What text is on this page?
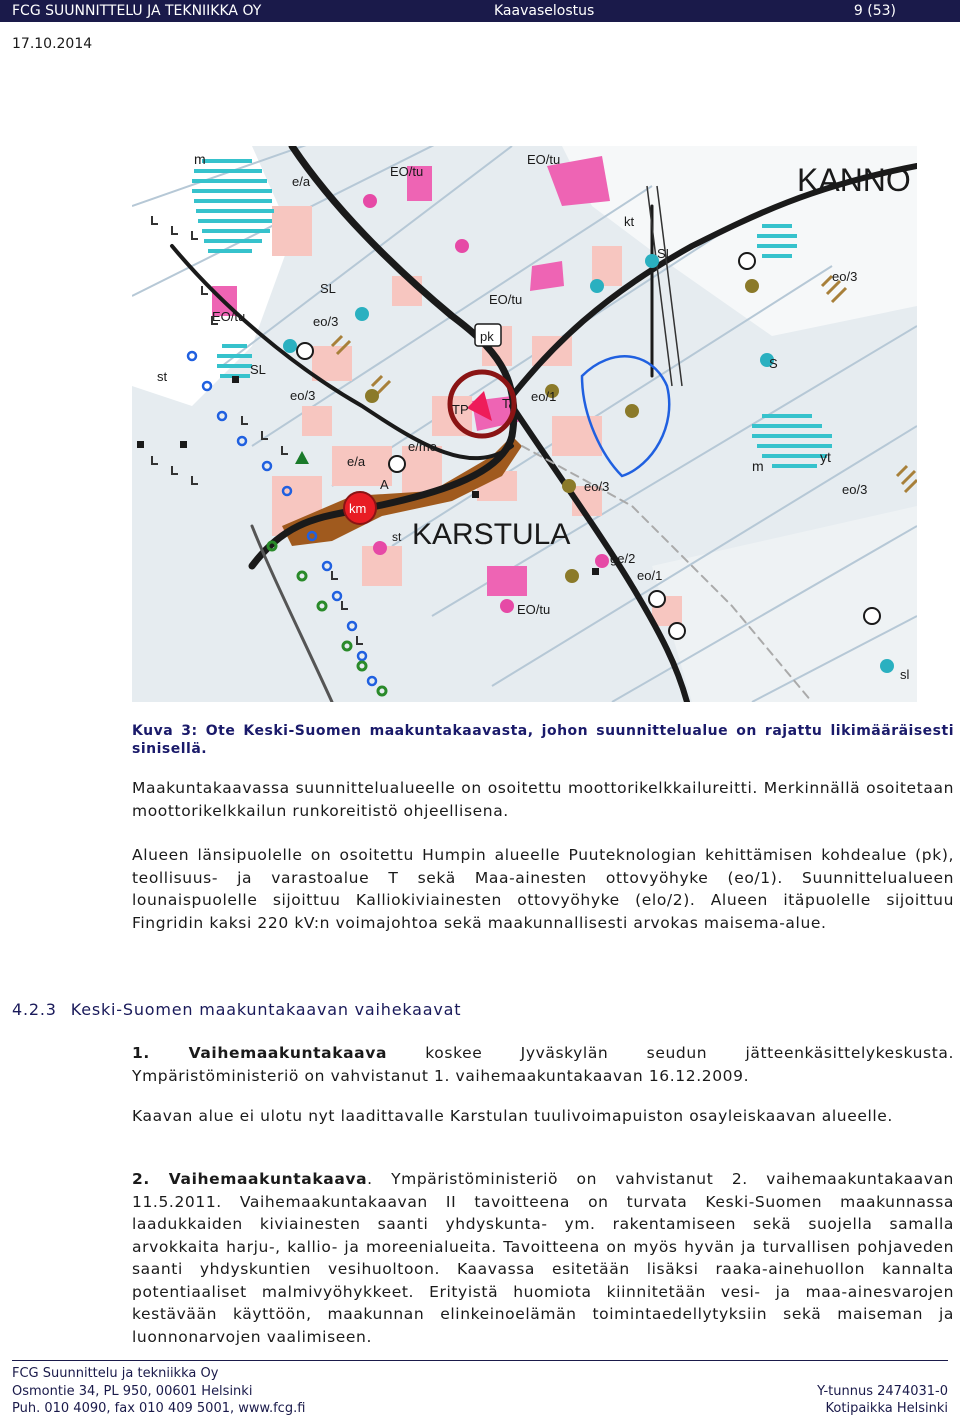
FCG SUUNNITTELU JA TEKNIIKKA OY	Kaavaselostus	9 (53)
17.10.2014
m
e/a
EO/tu
EO/tu
KANNO
kt
SL
SL
EO/tu
eo/3
EO/tu
eo/3
pk
st	SL	S
eo/3
TP	T eo/1
e/mo
e/a	m
yt
eo/3
eo/3
A
km
KARSTULA
st
ge/2
eo/1
EO/tu
sl
Kuva 3: Ote Keski-Suomen maakuntakaavasta, johon suunnittelualue on rajattu likimääräisesti sinisellä.
Maakuntakaavassa suunnittelualueelle on osoitettu moottorikelkkailureitti. Merkinnällä osoitetaan moottorikelkkailun runkoreitistö ohjeellisena.
Alueen länsipuolelle on osoitettu Humpin alueelle Puuteknologian kehittämisen kohdealue (pk), teollisuus- ja varastoalue T sekä Maa-ainesten ottovyöhyke (eo/1). Suunnittelualueen lounaispuolelle sijoittuu Kalliokiviainesten ottovyöhyke (elo/2). Alueen itäpuolelle sijoittuu Fingridin kaksi 220 kV:n voimajohtoa sekä maakunnallisesti arvokas maisema-alue.
4.2.3 Keski-Suomen maakuntakaavan vaihekaavat
1. Vaihemaakuntakaava koskee Jyväskylän seudun jätteenkäsittelykeskusta. Ympäristöministeriö on vahvistanut 1. vaihemaakuntakaavan 16.12.2009.
Kaavan alue ei ulotu nyt laadittavalle Karstulan tuulivoimapuiston osayleiskaavan alueelle.
2. Vaihemaakuntakaava. Ympäristöministeriö on vahvistanut 2. vaihemaakuntakaavan 11.5.2011. Vaihemaakuntakaavan II tavoitteena on turvata Keski-Suomen maakunnassa laadukkaiden kiviainesten saanti yhdyskunta- ym. rakentamiseen sekä suojella samalla arvokkaita harju-, kallio- ja moreenialueita. Tavoitteena on myös hyvän ja turvallisen pohjaveden saanti yhdyskuntien vesihuoltoon. Kaavassa esitetään lisäksi raaka-ainehuollon kannalta potentiaaliset malmivyöhykkeet. Erityistä huomiota kiinnitetään vesi- ja maa-ainesvarojen kestävään käyttöön, maakunnan elinkeinoelämän toimintaedellytyksiin sekä maiseman ja luonnonarvojen vaalimiseen.
FCG Suunnittelu ja tekniikka Oy
Osmontie 34, PL 950, 00601 Helsinki
Puh. 010 4090, fax 010 409 5001, www.fcg.fi
Y-tunnus 2474031-0
Kotipaikka Helsinki
